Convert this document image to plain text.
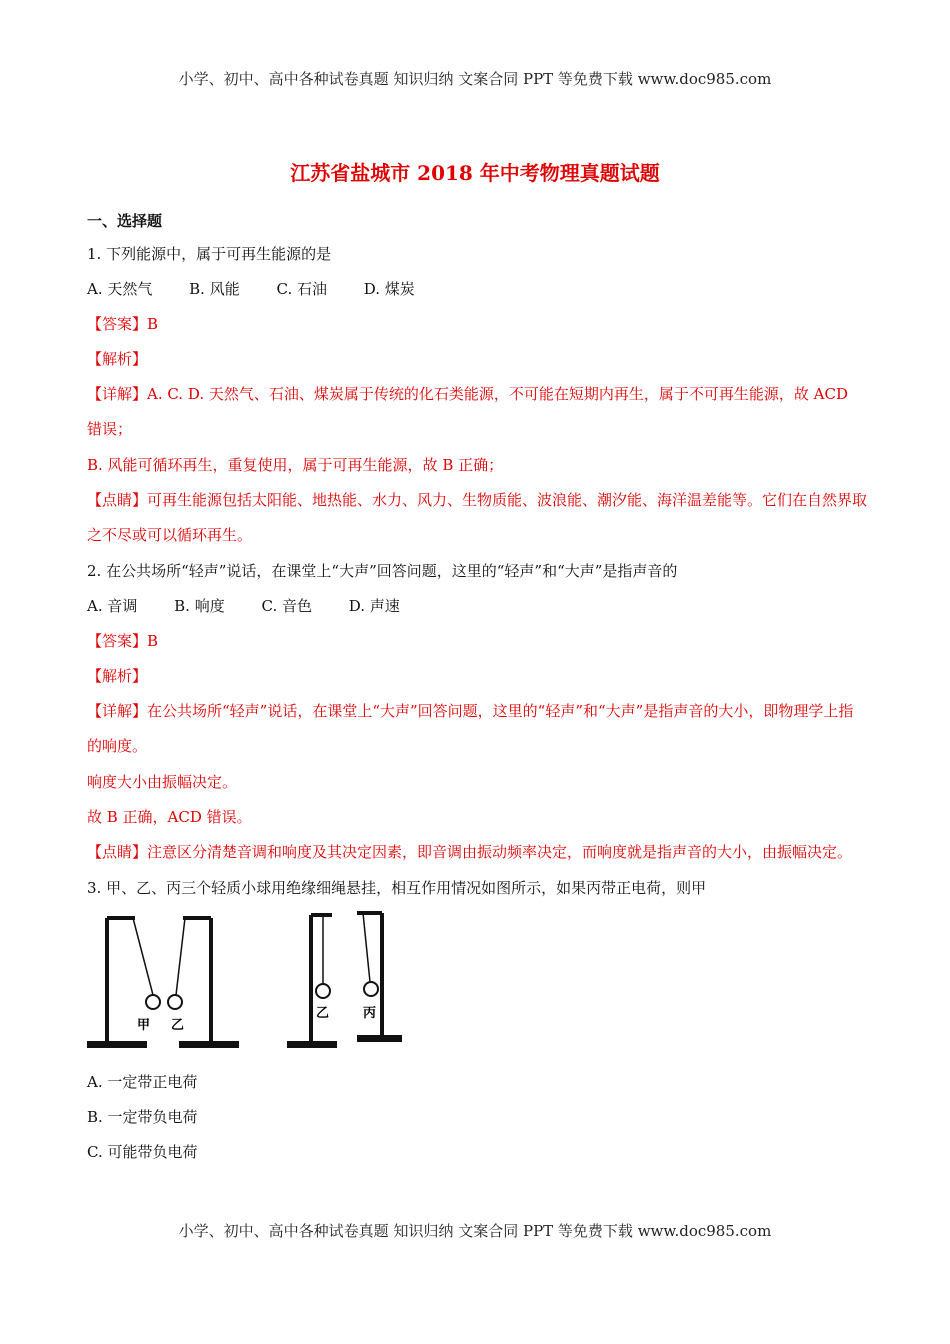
小学、初中、高中各种试卷真题 知识归纳 文案合同 PPT 等免费下载 www.doc985.com
江苏省盐城市 2018 年中考物理真题试题
一、选择题
1. 下列能源中，属于可再生能源的是
A. 天然气 B. 风能 C. 石油 D. 煤炭
【答案】B
【解析】
【详解】A. C. D. 天然气、石油、煤炭属于传统的化石类能源，不可能在短期内再生，属于不可再生能源，故 ACD 错误；
B. 风能可循环再生，重复使用，属于可再生能源，故 B 正确；
【点睛】可再生能源包括太阳能、地热能、水力、风力、生物质能、波浪能、潮汐能、海洋温差能等。它们在自然界取之不尽或可以循环再生。
2. 在公共场所“轻声”说话，在课堂上“大声”回答问题，这里的“轻声”和“大声”是指声音的
A. 音调 B. 响度 C. 音色 D. 声速
【答案】B
【解析】
【详解】在公共场所“轻声”说话，在课堂上“大声”回答问题，这里的“轻声”和“大声”是指声音的大小，即物理学上指的响度。
响度大小由振幅决定。
故 B 正确，ACD 错误。
【点睛】注意区分清楚音调和响度及其决定因素，即音调由振动频率决定，而响度就是指声音的大小，由振幅决定。
3. 甲、乙、丙三个轻质小球用绝缘细绳悬挂，相互作用情况如图所示，如果丙带正电荷，则甲
甲 乙
乙	丙
A. 一定带正电荷
B. 一定带负电荷
C. 可能带负电荷
小学、初中、高中各种试卷真题 知识归纳 文案合同 PPT 等免费下载 www.doc985.com
